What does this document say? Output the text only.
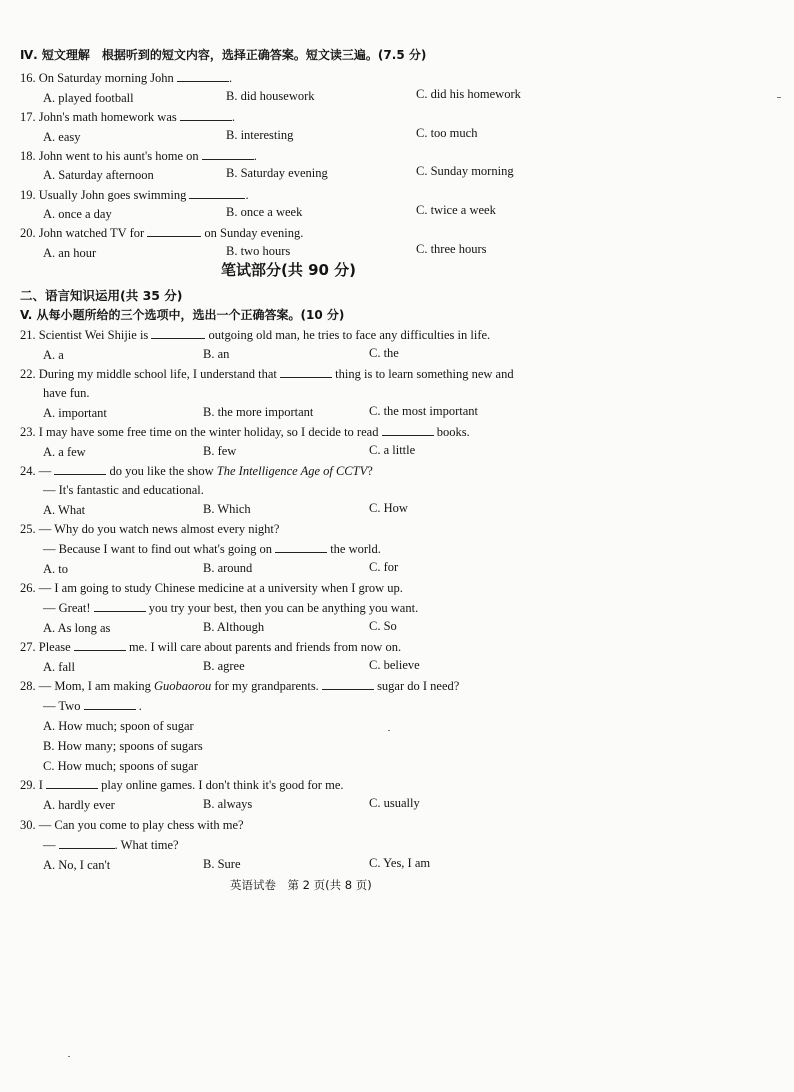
Ⅳ. 短文理解　根据听到的短文内容，选择正确答案。短文读三遍。(7.5 分)
16. On Saturday morning John	.
A. played football	B. did housework	C. did his homework
17. John's math homework was	.
A. easy	B. interesting	C. too much
18. John went to his aunt's home on	.
A. Saturday afternoon	B. Saturday evening	C. Sunday morning
19. Usually John goes swimming	.
A. once a day	B. once a week	C. twice a week
20. John watched TV for	on Sunday evening.
A. an hour	B. two hours	C. three hours
笔试部分(共 90 分)
二、语言知识运用(共 35 分)
V. 从每小题所给的三个选项中，选出一个正确答案。(10 分)
21. Scientist Wei Shijie is	outgoing old man, he tries to face any difficulties in life.
A. a	B. an	C. the
22. During my middle school life, I understand that	thing is to learn something new and
have fun.
A. important	B. the more important	C. the most important
23. I may have some free time on the winter holiday, so I decide to read	books.
A. a few	B. few	C. a little
24. —	do you like the show The Intelligence Age of CCTV?
— It's fantastic and educational.
A. What	B. Which	C. How
25. — Why do you watch news almost every night?
— Because I want to find out what's going on	the world.
A. to	B. around	C. for
26. — I am going to study Chinese medicine at a university when I grow up.
— Great!	you try your best, then you can be anything you want.
A. As long as	B. Although	C. So
27. Please	me. I will care about parents and friends from now on.
A. fall	B. agree	C. believe
28. — Mom, I am making Guobaorou for my grandparents.	sugar do I need?
— Two	.
A. How much; spoon of sugar
B. How many; spoons of sugars
C. How much; spoons of sugar
29. I	play online games. I don't think it's good for me.
A. hardly ever	B. always	C. usually
30. — Can you come to play chess with me?
—	. What time?
A. No, I can't	B. Sure	C. Yes, I am
英语试卷　第 2 页(共 8 页)
